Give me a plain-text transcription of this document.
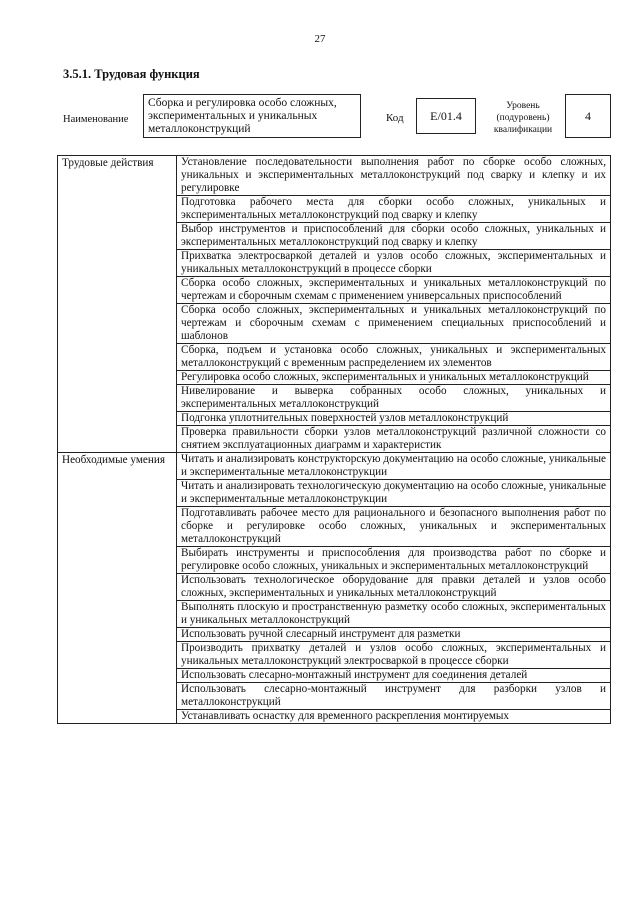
27
3.5.1. Трудовая функция
Наименование
Сборка и регулировка особо сложных, экспериментальных и уникальных металлоконструкций
Код	E/01.4
Уровень (подуровень) квалификации
4
Трудовые действия	Установление последовательности выполнения работ по сборке особо сложных, уникальных и экспериментальных металлоконструкций под сварку и клепку и их регулировке
	Подготовка рабочего места для сборки особо сложных, уникальных и экспериментальных металлоконструкций под сварку и клепку
	Выбор инструментов и приспособлений для сборки особо сложных, уникальных и экспериментальных металлоконструкций под сварку и клепку
	Прихватка электросваркой деталей и узлов особо сложных, экспериментальных и уникальных металлоконструкций в процессе сборки
	Сборка особо сложных, экспериментальных и уникальных металлоконструкций по чертежам и сборочным схемам с применением универсальных приспособлений
	Сборка особо сложных, экспериментальных и уникальных металлоконструкций по чертежам и сборочным схемам с применением специальных приспособлений и шаблонов
	Сборка, подъем и установка особо сложных, уникальных и экспериментальных металлоконструкций с временным распределением их элементов
	Регулировка особо сложных, экспериментальных и уникальных металлоконструкций
	Нивелирование и выверка собранных особо сложных, уникальных и экспериментальных металлоконструкций
	Подгонка уплотнительных поверхностей узлов металлоконструкций
	Проверка правильности сборки узлов металлоконструкций различной сложности со снятием эксплуатационных диаграмм и характеристик
Необходимые умения	Читать и анализировать конструкторскую документацию на особо сложные, уникальные и экспериментальные металлоконструкции
	Читать и анализировать технологическую документацию на особо сложные, уникальные и экспериментальные металлоконструкции
	Подготавливать рабочее место для рационального и безопасного выполнения работ по сборке и регулировке особо сложных, уникальных и экспериментальных металлоконструкций
	Выбирать инструменты и приспособления для производства работ по сборке и регулировке особо сложных, уникальных и экспериментальных металлоконструкций
	Использовать технологическое оборудование для правки деталей и узлов особо сложных, экспериментальных и уникальных металлоконструкций
	Выполнять плоскую и пространственную разметку особо сложных, экспериментальных и уникальных металлоконструкций
	Использовать ручной слесарный инструмент для разметки
	Производить прихватку деталей и узлов особо сложных, экспериментальных и уникальных металлоконструкций электросваркой в процессе сборки
	Использовать слесарно-монтажный инструмент для соединения деталей
	Использовать слесарно-монтажный инструмент для разборки узлов и металлоконструкций
	Устанавливать оснастку для временного раскрепления монтируемых
